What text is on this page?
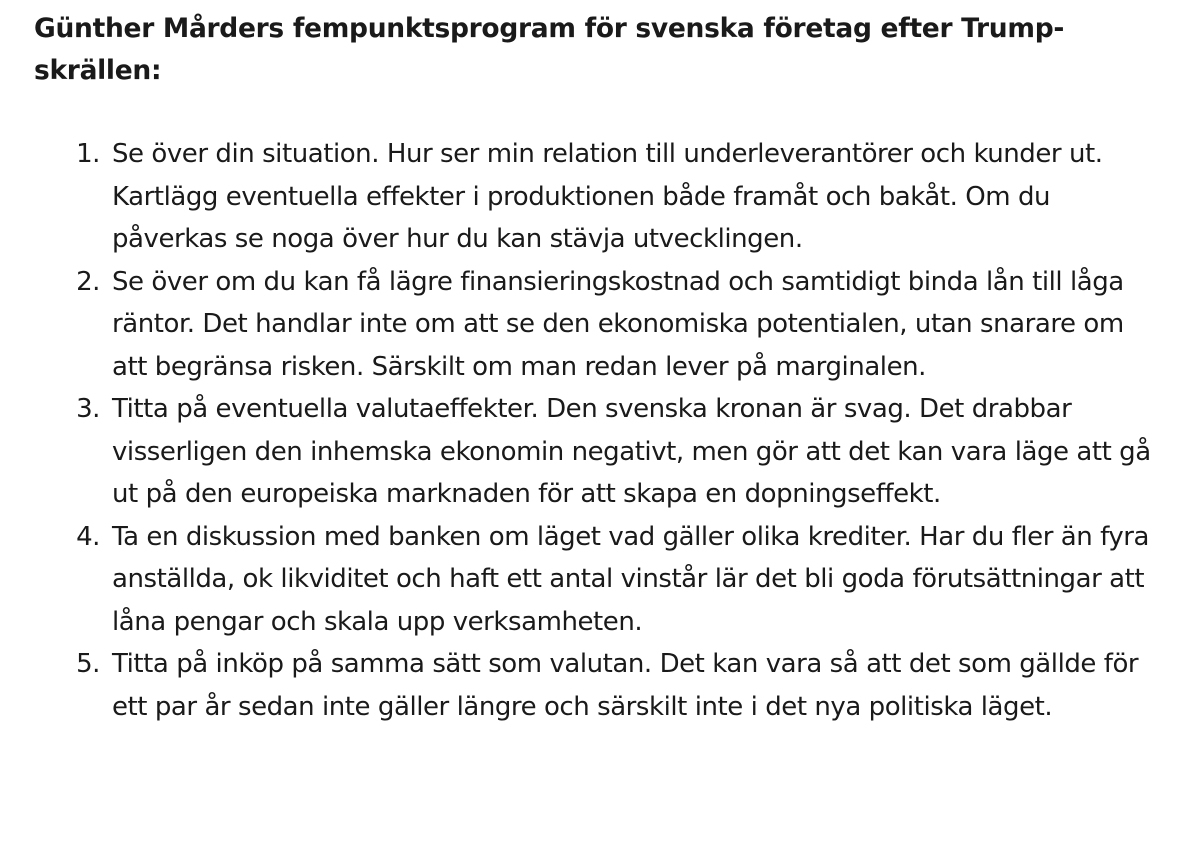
Günther Mårders fempunktsprogram för svenska företag efter Trump-skrällen:
1. Se över din situation. Hur ser min relation till underleverantörer och kunder ut. Kartlägg eventuella effekter i produktionen både framåt och bakåt. Om du påverkas se noga över hur du kan stävja utvecklingen.
2. Se över om du kan få lägre finansieringskostnad och samtidigt binda lån till låga räntor. Det handlar inte om att se den ekonomiska potentialen, utan snarare om att begränsa risken. Särskilt om man redan lever på marginalen.
3. Titta på eventuella valutaeffekter. Den svenska kronan är svag. Det drabbar visserligen den inhemska ekonomin negativt, men gör att det kan vara läge att gå ut på den europeiska marknaden för att skapa en dopningseffekt.
4. Ta en diskussion med banken om läget vad gäller olika krediter. Har du fler än fyra anställda, ok likviditet och haft ett antal vinstår lär det bli goda förutsättningar att låna pengar och skala upp verksamheten.
5. Titta på inköp på samma sätt som valutan. Det kan vara så att det som gällde för ett par år sedan inte gäller längre och särskilt inte i det nya politiska läget.
